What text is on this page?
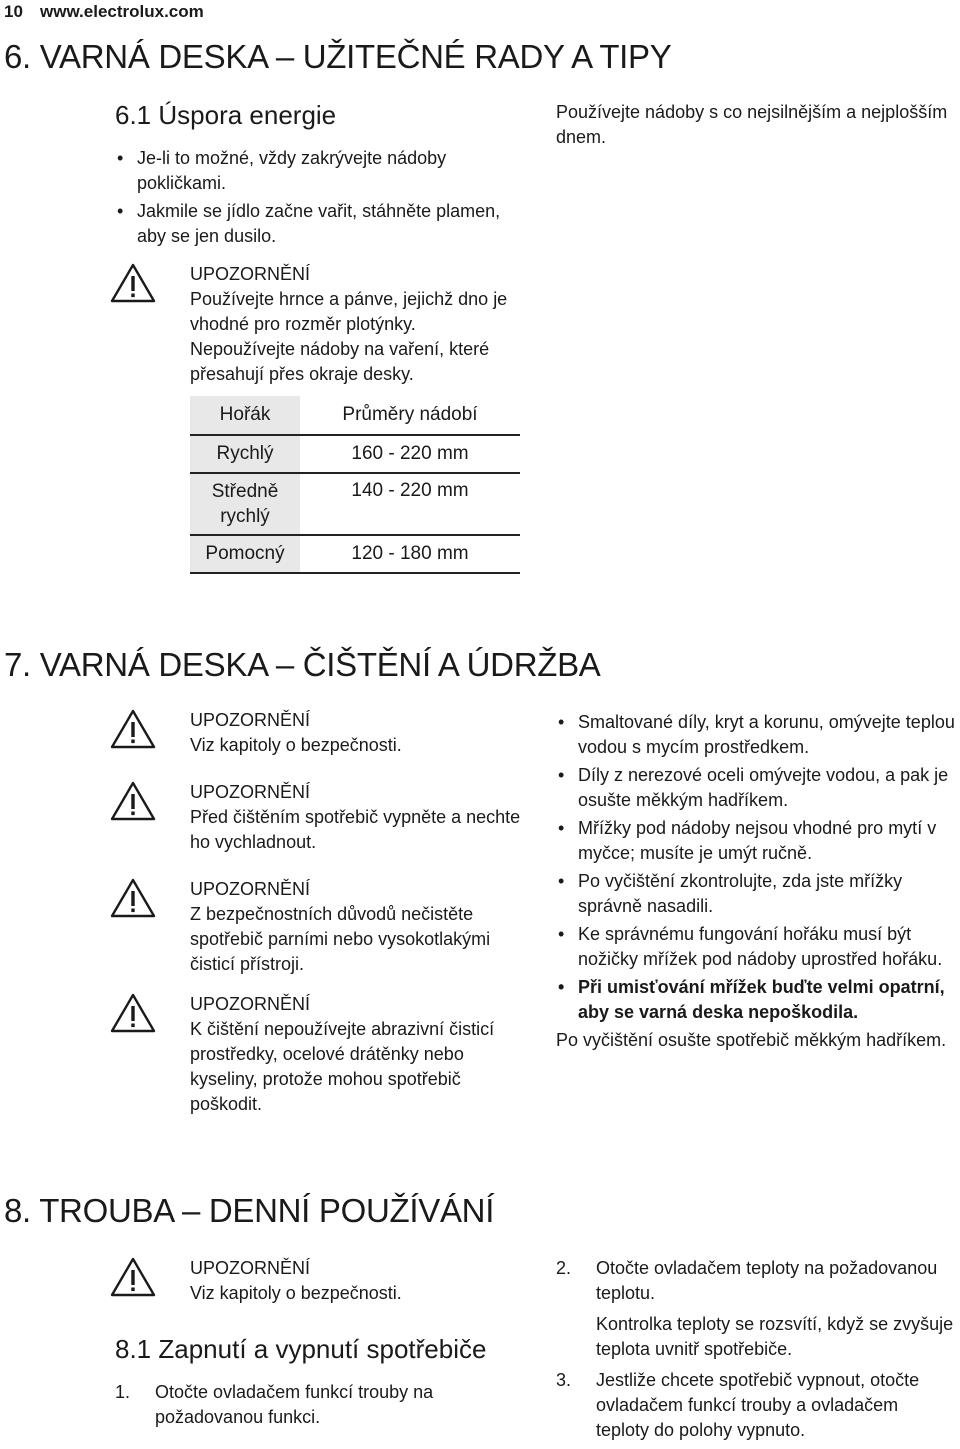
10 www.electrolux.com
6. VARNÁ DESKA – UŽITEČNÉ RADY A TIPY
6.1 Úspora energie
• Je-li to možné, vždy zakrývejte nádoby pokličkami.
• Jakmile se jídlo začne vařit, stáhněte plamen, aby se jen dusilo.
UPOZORNĚNÍ
Používejte hrnce a pánve, jejichž dno je vhodné pro rozměr plotýnky.
Nepoužívejte nádoby na vaření, které přesahují přes okraje desky.
Hořák	Průměry nádobí
Rychlý	160 - 220 mm
Středně rychlý	140 - 220 mm
Pomocný	120 - 180 mm
Používejte nádoby s co nejsilnějším a nejplošším dnem.
7. VARNÁ DESKA – ČIŠTĚNÍ A ÚDRŽBA
UPOZORNĚNÍ
Viz kapitoly o bezpečnosti.
UPOZORNĚNÍ
Před čištěním spotřebič vypněte a nechte ho vychladnout.
UPOZORNĚNÍ
Z bezpečnostních důvodů nečistěte spotřebič parními nebo vysokotlakými čisticí přístroji.
UPOZORNĚNÍ
K čištění nepoužívejte abrazivní čisticí prostředky, ocelové drátěnky nebo kyseliny, protože mohou spotřebič poškodit.
• Smaltované díly, kryt a korunu, omývejte teplou vodou s mycím prostředkem.
• Díly z nerezové oceli omývejte vodou, a pak je osušte měkkým hadříkem.
• Mřížky pod nádoby nejsou vhodné pro mytí v myčce; musíte je umýt ručně.
• Po vyčištění zkontrolujte, zda jste mřížky správně nasadili.
• Ke správnému fungování hořáku musí být nožičky mřížek pod nádoby uprostřed hořáku.
• Při umisťování mřížek buďte velmi opatrní, aby se varná deska nepoškodila.
Po vyčištění osušte spotřebič měkkým hadříkem.
8. TROUBA – DENNÍ POUŽÍVÁNÍ
UPOZORNĚNÍ
Viz kapitoly o bezpečnosti.
8.1 Zapnutí a vypnutí spotřebiče
1. Otočte ovladačem funkcí trouby na požadovanou funkci.
2. Otočte ovladačem teploty na požadovanou teplotu.
Kontrolka teploty se rozsvítí, když se zvyšuje teplota uvnitř spotřebiče.
3. Jestliže chcete spotřebič vypnout, otočte ovladačem funkcí trouby a ovladačem teploty do polohy vypnuto.
